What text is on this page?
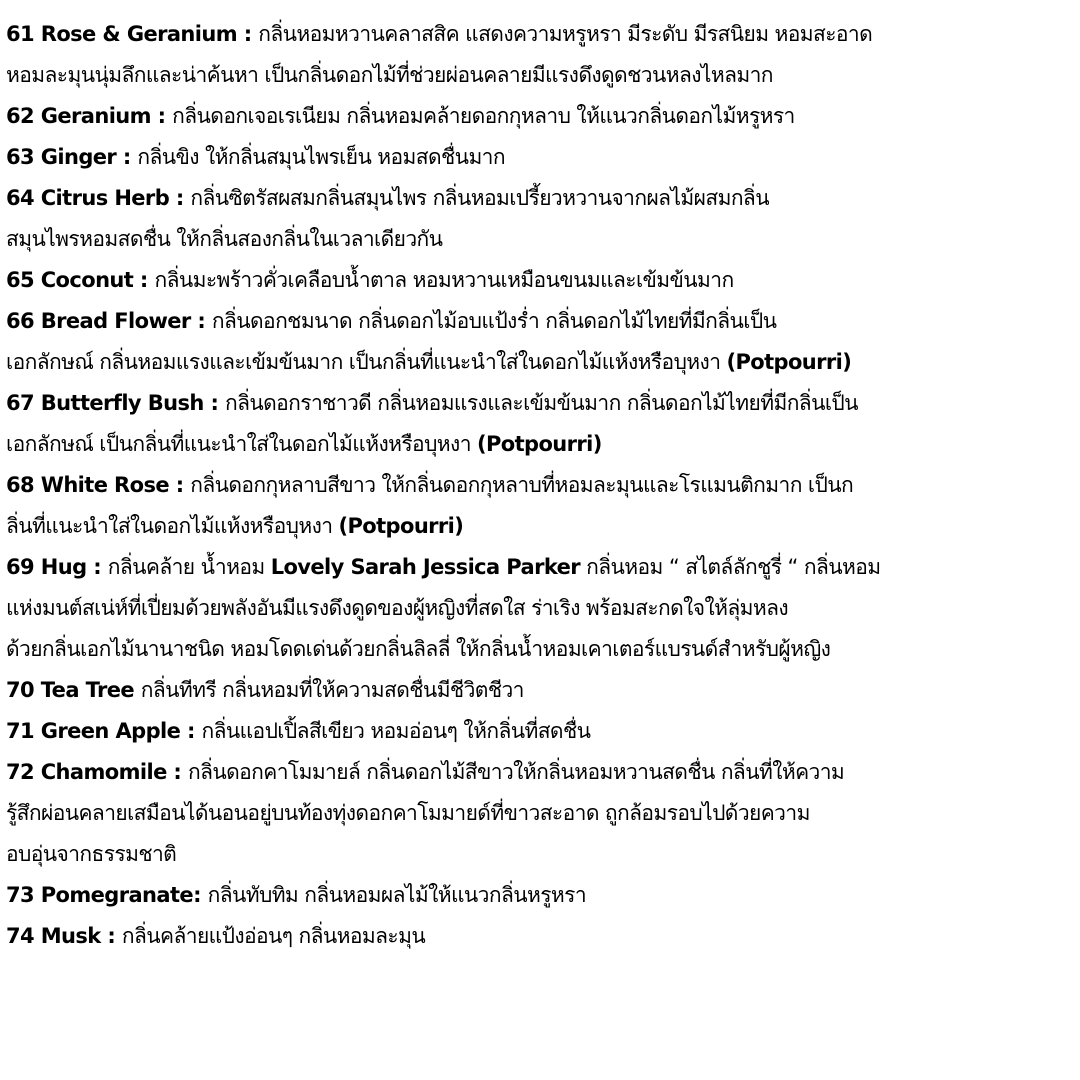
61 Rose & Geranium : กลิ่นหอมหวานคลาสสิค แสดงความหรูหรา มีระดับ มีรสนิยม หอมสะอาด
หอมละมุนนุ่มลึกและน่าค้นหา เป็นกลิ่นดอกไม้ที่ช่วยผ่อนคลายมีแรงดึงดูดชวนหลงไหลมาก
62 Geranium : กลิ่นดอกเจอเรเนียม กลิ่นหอมคล้ายดอกกุหลาบ ให้แนวกลิ่นดอกไม้หรูหรา
63 Ginger : กลิ่นขิง ให้กลิ่นสมุนไพรเย็น หอมสดชื่นมาก
64 Citrus Herb : กลิ่นซิตรัสผสมกลิ่นสมุนไพร กลิ่นหอมเปรี้ยวหวานจากผลไม้ผสมกลิ่น
สมุนไพรหอมสดชื่น ให้กลิ่นสองกลิ่นในเวลาเดียวกัน
65 Coconut : กลิ่นมะพร้าวคั่วเคลือบน้ำตาล หอมหวานเหมือนขนมและเข้มข้นมาก
66 Bread Flower : กลิ่นดอกชมนาด กลิ่นดอกไม้อบแป้งร่ำ กลิ่นดอกไม้ไทยที่มีกลิ่นเป็น
เอกลักษณ์ กลิ่นหอมแรงและเข้มข้นมาก เป็นกลิ่นที่แนะนำใส่ในดอกไม้แห้งหรือบุหงา (Potpourri)
67 Butterfly Bush : กลิ่นดอกราชาวดี กลิ่นหอมแรงและเข้มข้นมาก กลิ่นดอกไม้ไทยที่มีกลิ่นเป็น
เอกลักษณ์ เป็นกลิ่นที่แนะนำใส่ในดอกไม้แห้งหรือบุหงา (Potpourri)
68 White Rose : กลิ่นดอกกุหลาบสีขาว ให้กลิ่นดอกกุหลาบที่หอมละมุนและโรแมนติกมาก เป็นก
ลิ่นที่แนะนำใส่ในดอกไม้แห้งหรือบุหงา (Potpourri)
69 Hug : กลิ่นคล้าย น้ำหอม Lovely Sarah Jessica Parker กลิ่นหอม “ สไตล์ลักชูรี่ “ กลิ่นหอม
แห่งมนต์สเน่ห์ที่เปี่ยมด้วยพลังอันมีแรงดึงดูดของผู้หญิงที่สดใส ร่าเริง พร้อมสะกดใจให้ลุ่มหลง
ด้วยกลิ่นเอกไม้นานาชนิด หอมโดดเด่นด้วยกลิ่นลิลลี่ ให้กลิ่นน้ำหอมเคาเตอร์แบรนด์สำหรับผู้หญิง
70 Tea Tree กลิ่นทีทรี กลิ่นหอมที่ให้ความสดชื่นมีชีวิตชีวา
71 Green Apple : กลิ่นแอปเปิ้ลสีเขียว หอมอ่อนๆ ให้กลิ่นที่สดชื่น
72 Chamomile : กลิ่นดอกคาโมมายล์ กลิ่นดอกไม้สีขาวให้กลิ่นหอมหวานสดชื่น กลิ่นที่ให้ความ
รู้สึกผ่อนคลายเสมือนได้นอนอยู่บนท้องทุ่งดอกคาโมมายด์ที่ขาวสะอาด ถูกล้อมรอบไปด้วยความ
อบอุ่นจากธรรมชาติ
73 Pomegranate: กลิ่นทับทิม กลิ่นหอมผลไม้ให้แนวกลิ่นหรูหรา
74 Musk : กลิ่นคล้ายแป้งอ่อนๆ กลิ่นหอมละมุน
